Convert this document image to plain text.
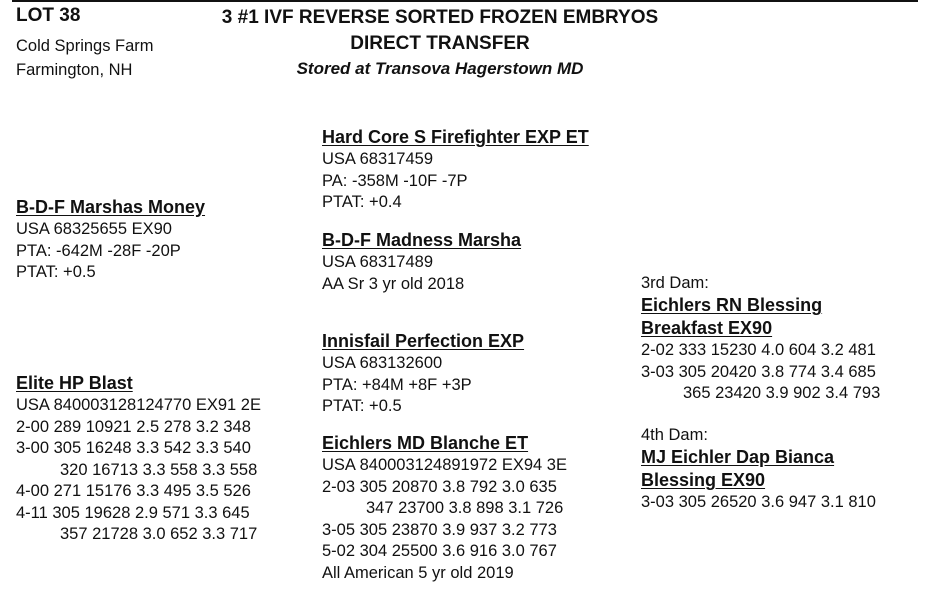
LOT 38
Cold Springs Farm
Farmington, NH
3 #1 IVF REVERSE SORTED FROZEN EMBRYOS
DIRECT TRANSFER
Stored at Transova Hagerstown MD
Hard Core S Firefighter EXP ET
USA 68317459
PA: -358M -10F -7P
PTAT: +0.4
B-D-F Marshas Money
USA 68325655 EX90
PTA: -642M -28F -20P
PTAT: +0.5
B-D-F Madness Marsha
USA 68317489
AA Sr 3 yr old 2018	3rd Dam:
Eichlers RN Blessing
Breakfast EX90
2-02 333 15230 4.0 604 3.2 481
3-03 305 20420 3.8 774 3.4 685
365 23420 3.9 902 3.4 793
Innisfail Perfection EXP
USA 683132600
PTA: +84M +8F +3P
PTAT: +0.5
Elite HP Blast
USA 840003128124770 EX91 2E
2-00 289 10921 2.5 278 3.2 348
3-00 305 16248 3.3 542 3.3 540
320 16713 3.3 558 3.3 558
4-00 271 15176 3.3 495 3.5 526
4-11 305 19628 2.9 571 3.3 645
357 21728 3.0 652 3.3 717
4th Dam:
MJ Eichler Dap Bianca
Blessing EX90
3-03 305 26520 3.6 947 3.1 810
Eichlers MD Blanche ET
USA 840003124891972 EX94 3E
2-03 305 20870 3.8 792 3.0 635
347 23700 3.8 898 3.1 726
3-05 305 23870 3.9 937 3.2 773
5-02 304 25500 3.6 916 3.0 767
All American 5 yr old 2019
